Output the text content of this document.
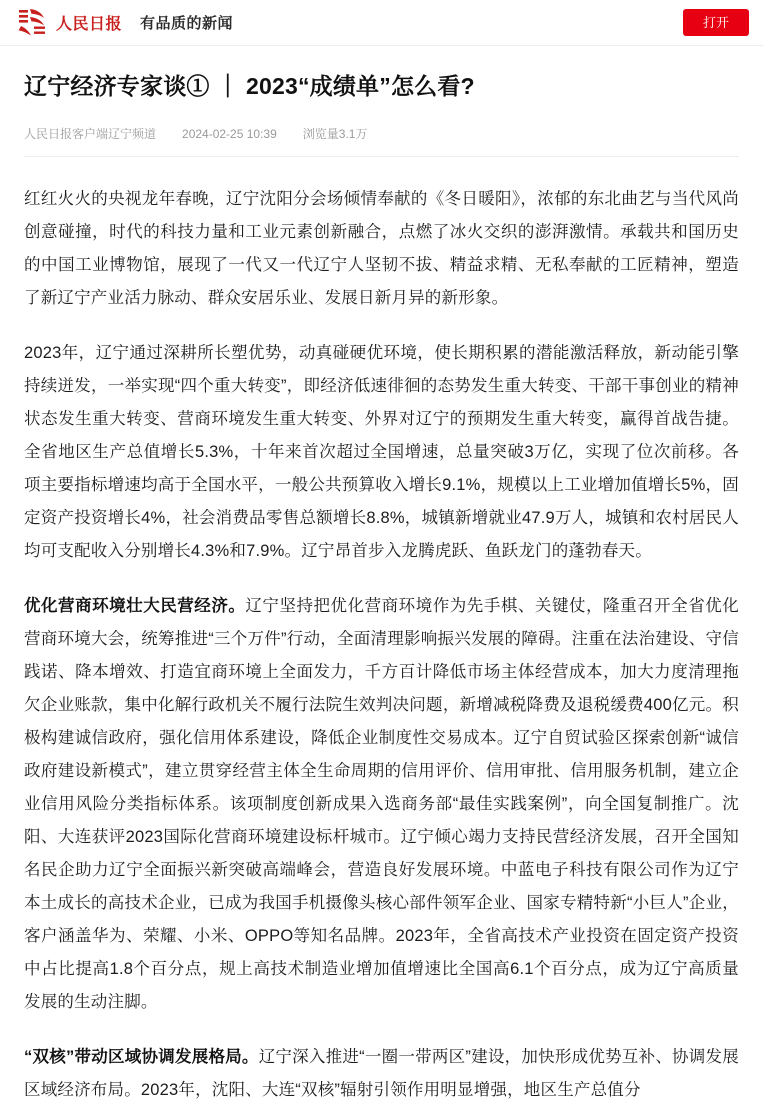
人民日报 有品质的新闻	打开
辽宁经济专家谈① ｜ 2023“成绩单”怎么看?
人民日报客户端辽宁频道 2024-02-25 10:39 浏览量3.1万

红红火火的央视龙年春晚，辽宁沈阳分会场倾情奉献的《冬日暖阳》，浓郁的东北曲艺与当代风尚创意碰撞，时代的科技力量和工业元素创新融合，点燃了冰火交织的澎湃激情。承载共和国历史的中国工业博物馆，展现了一代又一代辽宁人坚韧不拔、精益求精、无私奉献的工匠精神，塑造了新辽宁产业活力脉动、群众安居乐业、发展日新月异的新形象。

2023年，辽宁通过深耕所长塑优势，动真碰硬优环境，使长期积累的潜能激活释放，新动能引擎持续迸发，一举实现“四个重大转变”，即经济低速徘徊的态势发生重大转变、干部干事创业的精神状态发生重大转变、营商环境发生重大转变、外界对辽宁的预期发生重大转变，赢得首战告捷。全省地区生产总值增长5.3%，十年来首次超过全国增速，总量突破3万亿，实现了位次前移。各项主要指标增速均高于全国水平，一般公共预算收入增长9.1%，规模以上工业增加值增长5%，固定资产投资增长4%，社会消费品零售总额增长8.8%，城镇新增就业47.9万人，城镇和农村居民人均可支配收入分别增长4.3%和7.9%。辽宁昂首步入龙腾虎跃、鱼跃龙门的蓬勃春天。

优化营商环境壮大民营经济。辽宁坚持把优化营商环境作为先手棋、关键仗，隆重召开全省优化营商环境大会，统筹推进“三个万件”行动，全面清理影响振兴发展的障碍。注重在法治建设、守信践诺、降本增效、打造宜商环境上全面发力，千方百计降低市场主体经营成本，加大力度清理拖欠企业账款，集中化解行政机关不履行法院生效判决问题，新增减税降费及退税缓费400亿元。积极构建诚信政府，强化信用体系建设，降低企业制度性交易成本。辽宁自贸试验区探索创新“诚信政府建设新模式”，建立贯穿经营主体全生命周期的信用评价、信用审批、信用服务机制，建立企业信用风险分类指标体系。该项制度创新成果入选商务部“最佳实践案例”，向全国复制推广。沈阳、大连获评2023国际化营商环境建设标杆城市。辽宁倾心竭力支持民营经济发展，召开全国知名民企助力辽宁全面振兴新突破高端峰会，营造良好发展环境。中蓝电子科技有限公司作为辽宁本土成长的高技术企业，已成为我国手机摄像头核心部件领军企业、国家专精特新“小巨人”企业，客户涵盖华为、荣耀、小米、OPPO等知名品牌。2023年，全省高技术产业投资在固定资产投资中占比提高1.8个百分点，规上高技术制造业增加值增速比全国高6.1个百分点，成为辽宁高质量发展的生动注脚。

“双核”带动区域协调发展格局。辽宁深入推进“一圈一带两区”建设，加快形成优势互补、协调发展区域经济布局。2023年，沈阳、大连“双核”辐射引领作用明显增强，地区生产总值分
